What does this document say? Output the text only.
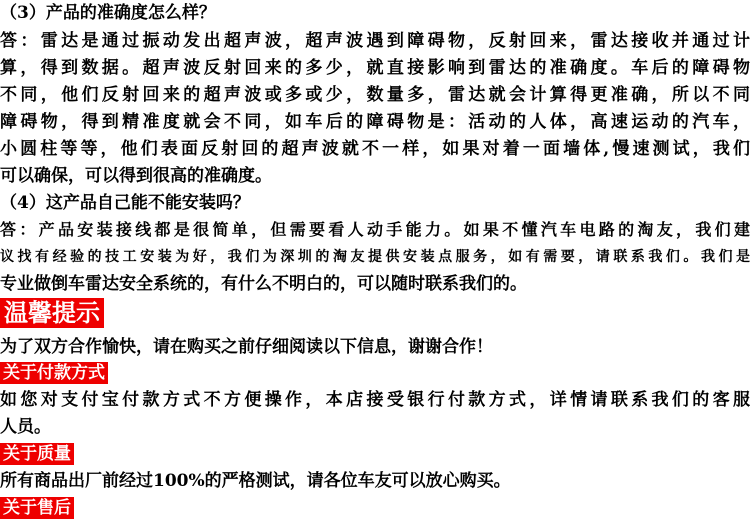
（3）产品的准确度怎么样？
答：雷达是通过振动发出超声波，超声波遇到障碍物，反射回来，雷达接收并通过计
算，得到数据。超声波反射回来的多少，就直接影响到雷达的准确度。车后的障碍物
不同，他们反射回来的超声波或多或少，数量多，雷达就会计算得更准确，所以不同
障碍物，得到精准度就会不同，如车后的障碍物是：活动的人体，高速运动的汽车，
小圆柱等等，他们表面反射回的超声波就不一样，如果对着一面墙体,慢速测试，我们
可以确保，可以得到很高的准确度。
（4）这产品自己能不能安装吗？
答：产品安装接线都是很简单，但需要看人动手能力。如果不懂汽车电路的淘友，我们建
议找有经验的技工安装为好，我们为深圳的淘友提供安装点服务，如有需要，请联系我们。我们是
专业做倒车雷达安全系统的，有什么不明白的，可以随时联系我们的。
温馨提示
为了双方合作愉快，请在购买之前仔细阅读以下信息，谢谢合作！
关于付款方式
如您对支付宝付款方式不方便操作，本店接受银行付款方式，详情请联系我们的客服
人员。
关于质量
所有商品出厂前经过100%的严格测试，请各位车友可以放心购买。
关于售后
